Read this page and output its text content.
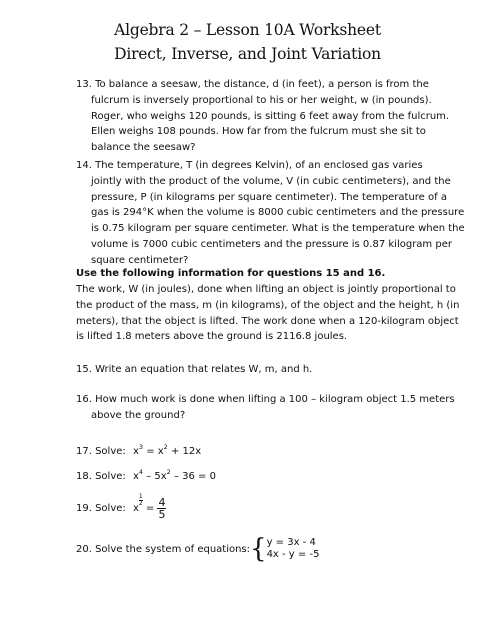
Algebra 2 – Lesson 10A Worksheet
Direct, Inverse, and Joint Variation
13. To balance a seesaw, the distance, d (in feet), a person is from the
fulcrum is inversely proportional to his or her weight, w (in pounds). Roger, who weighs 120 pounds, is sitting 6 feet away from the fulcrum. Ellen weighs 108 pounds. How far from the fulcrum must she sit to balance the seesaw?
14. The temperature, T (in degrees Kelvin), of an enclosed gas varies
jointly with the product of the volume, V (in cubic centimeters), and the pressure, P (in kilograms per square centimeter). The temperature of a gas is 294°K when the volume is 8000 cubic centimeters and the pressure is 0.75 kilogram per square centimeter. What is the temperature when the volume is 7000 cubic centimeters and the pressure is 0.87 kilogram per square centimeter?
Use the following information for questions 15 and 16.
The work, W (in joules), done when lifting an object is jointly proportional to the product of the mass, m (in kilograms), of the object and the height, h (in meters), that the object is lifted. The work done when a 120-kilogram object is lifted 1.8 meters above the ground is 2116.8 joules.
15. Write an equation that relates W, m, and h.
16. How much work is done when lifting a 100 – kilogram object 1.5 meters
above the ground?
17. Solve: $x^3 = x^2 + 12x$
18. Solve: $x^4 - 5x^2 - 36 = 0$
19. Solve: x
$\frac{1}{2}$
= $\frac{4}{5}$
20. Solve the system of equations:{ y = 3x - 4
4x - y = -5
